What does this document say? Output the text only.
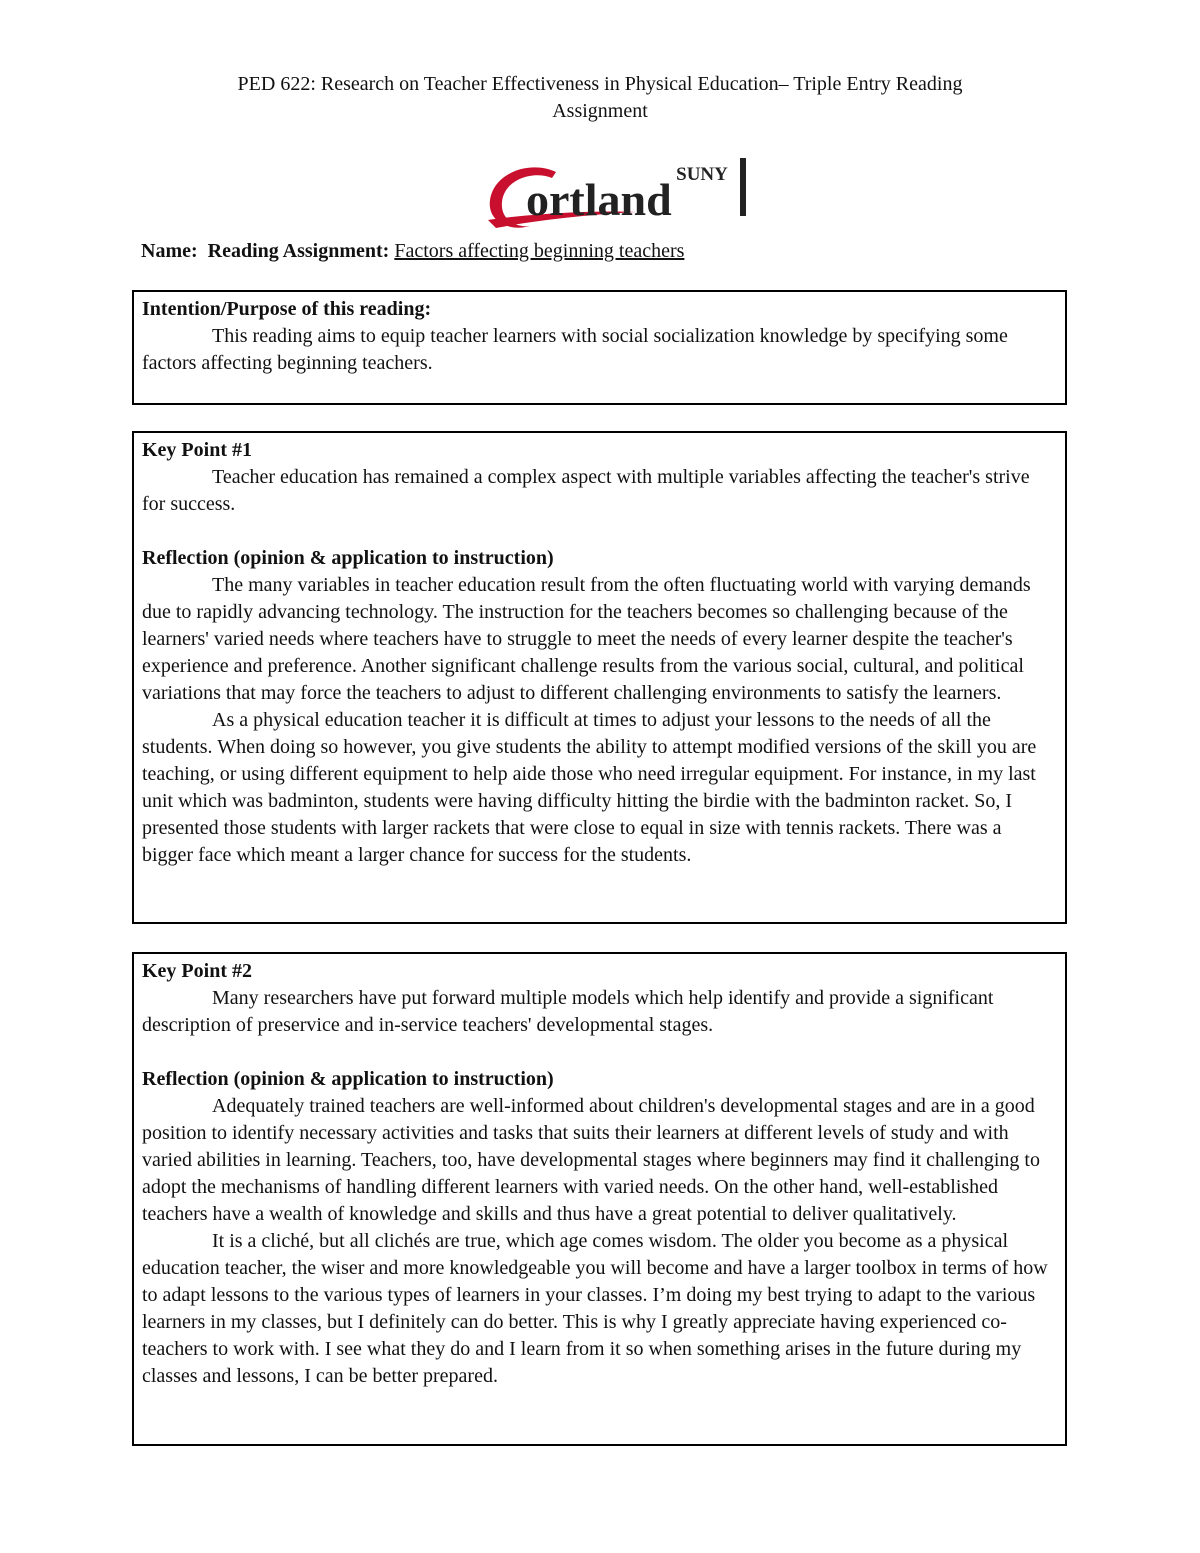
PED 622: Research on Teacher Effectiveness in Physical Education– Triple Entry Reading
Assignment
SUNY
ortland
Name: Reading Assignment: Factors affecting beginning teachers

Intention/Purpose of this reading:

This reading aims to equip teacher learners with social socialization knowledge by specifying some factors affecting beginning teachers.

Key Point #1

Teacher education has remained a complex aspect with multiple variables affecting the teacher's strive for success.

Reflection (opinion & application to instruction)

The many variables in teacher education result from the often fluctuating world with varying demands due to rapidly advancing technology. The instruction for the teachers becomes so challenging because of the learners' varied needs where teachers have to struggle to meet the needs of every learner despite the teacher's experience and preference. Another significant challenge results from the various social, cultural, and political variations that may force the teachers to adjust to different challenging environments to satisfy the learners.

As a physical education teacher it is difficult at times to adjust your lessons to the needs of all the students. When doing so however, you give students the ability to attempt modified versions of the skill you are teaching, or using different equipment to help aide those who need irregular equipment. For instance, in my last unit which was badminton, students were having difficulty hitting the birdie with the badminton racket. So, I presented those students with larger rackets that were close to equal in size with tennis rackets. There was a bigger face which meant a larger chance for success for the students.

Key Point #2

Many researchers have put forward multiple models which help identify and provide a significant description of preservice and in-service teachers' developmental stages.

Reflection (opinion & application to instruction)

Adequately trained teachers are well-informed about children's developmental stages and are in a good position to identify necessary activities and tasks that suits their learners at different levels of study and with varied abilities in learning. Teachers, too, have developmental stages where beginners may find it challenging to adopt the mechanisms of handling different learners with varied needs. On the other hand, well-established teachers have a wealth of knowledge and skills and thus have a great potential to deliver qualitatively.

It is a cliché, but all clichés are true, which age comes wisdom. The older you become as a physical education teacher, the wiser and more knowledgeable you will become and have a larger toolbox in terms of how to adapt lessons to the various types of learners in your classes. I’m doing my best trying to adapt to the various learners in my classes, but I definitely can do better. This is why I greatly appreciate having experienced co-teachers to work with. I see what they do and I learn from it so when something arises in the future during my classes and lessons, I can be better prepared.
